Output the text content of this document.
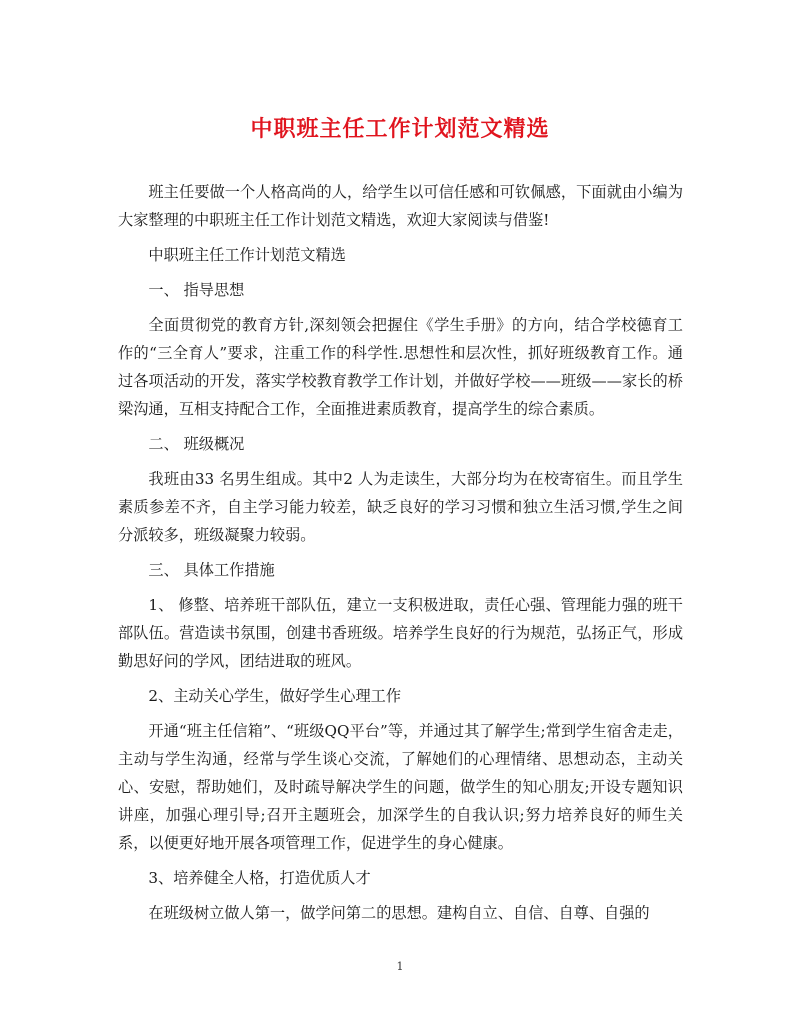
中职班主任工作计划范文精选

班主任要做一个人格高尚的人，给学生以可信任感和可钦佩感，下面就由小编为大家整理的中职班主任工作计划范文精选，欢迎大家阅读与借鉴!

中职班主任工作计划范文精选

一、 指导思想

全面贯彻党的教育方针,深刻领会把握住《学生手册》的方向，结合学校德育工作的“三全育人”要求，注重工作的科学性.思想性和层次性，抓好班级教育工作。通过各项活动的开发，落实学校教育教学工作计划，并做好学校——班级——家长的桥梁沟通，互相支持配合工作，全面推进素质教育，提高学生的综合素质。

二、 班级概况

我班由33 名男生组成。其中2 人为走读生，大部分均为在校寄宿生。而且学生素质参差不齐，自主学习能力较差，缺乏良好的学习习惯和独立生活习惯,学生之间分派较多，班级凝聚力较弱。

三、 具体工作措施

1、 修整、培养班干部队伍，建立一支积极进取，责任心强、管理能力强的班干部队伍。营造读书氛围，创建书香班级。培养学生良好的行为规范，弘扬正气，形成勤思好问的学风，团结进取的班风。

2、主动关心学生，做好学生心理工作

开通“班主任信箱”、“班级QQ平台”等，并通过其了解学生;常到学生宿舍走走，主动与学生沟通，经常与学生谈心交流，了解她们的心理情绪、思想动态，主动关心、安慰，帮助她们，及时疏导解决学生的问题，做学生的知心朋友;开设专题知识讲座，加强心理引导;召开主题班会，加深学生的自我认识;努力培养良好的师生关系，以便更好地开展各项管理工作，促进学生的身心健康。

3、培养健全人格，打造优质人才

在班级树立做人第一，做学问第二的思想。建构自立、自信、自尊、自强的

1
